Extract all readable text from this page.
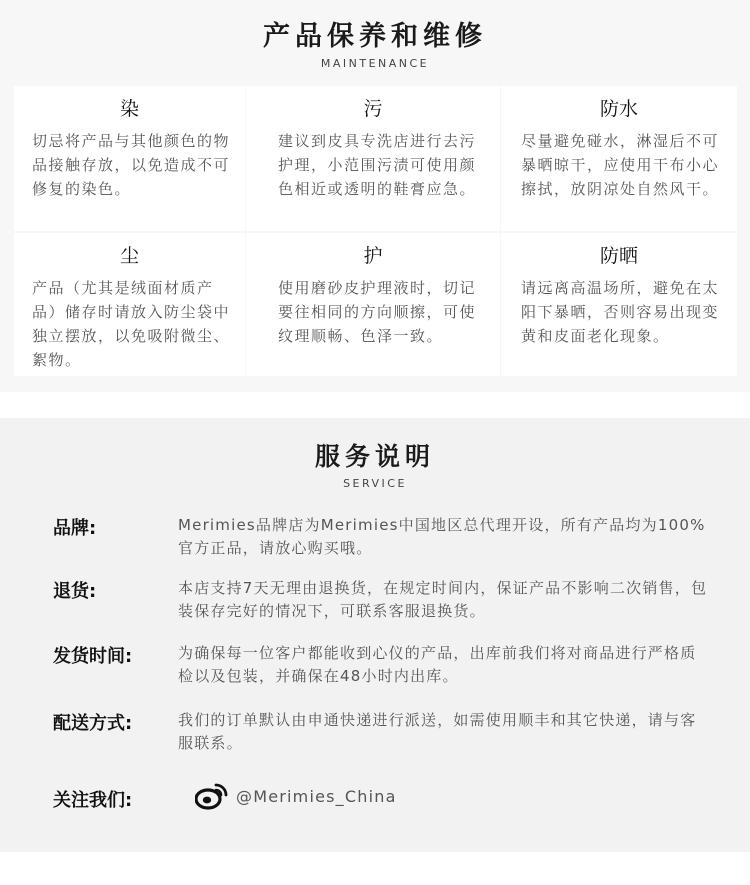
产品保养和维修
MAINTENANCE
染
切忌将产品与其他颜色的物品接触存放，以免造成不可修复的染色。
污
建议到皮具专洗店进行去污护理，小范围污渍可使用颜色相近或透明的鞋膏应急。
防水
尽量避免碰水，淋湿后不可暴晒晾干，应使用干布小心擦拭，放阴凉处自然风干。
尘
产品（尤其是绒面材质产品）储存时请放入防尘袋中独立摆放，以免吸附微尘、絮物。
护
使用磨砂皮护理液时，切记要往相同的方向顺擦，可使纹理顺畅、色泽一致。
防晒
请远离高温场所，避免在太阳下暴晒，否则容易出现变黄和皮面老化现象。
服务说明
SERVICE
品牌:	Merimies品牌店为Merimies中国地区总代理开设，所有产品均为100%官方正品，请放心购买哦。
退货:	本店支持7天无理由退换货，在规定时间内，保证产品不影响二次销售，包装保存完好的情况下，可联系客服退换货。
发货时间:	为确保每一位客户都能收到心仪的产品，出库前我们将对商品进行严格质检以及包装，并确保在48小时内出库。
配送方式:	我们的订单默认由申通快递进行派送，如需使用顺丰和其它快递，请与客服联系。
关注我们:	@Merimies_China
